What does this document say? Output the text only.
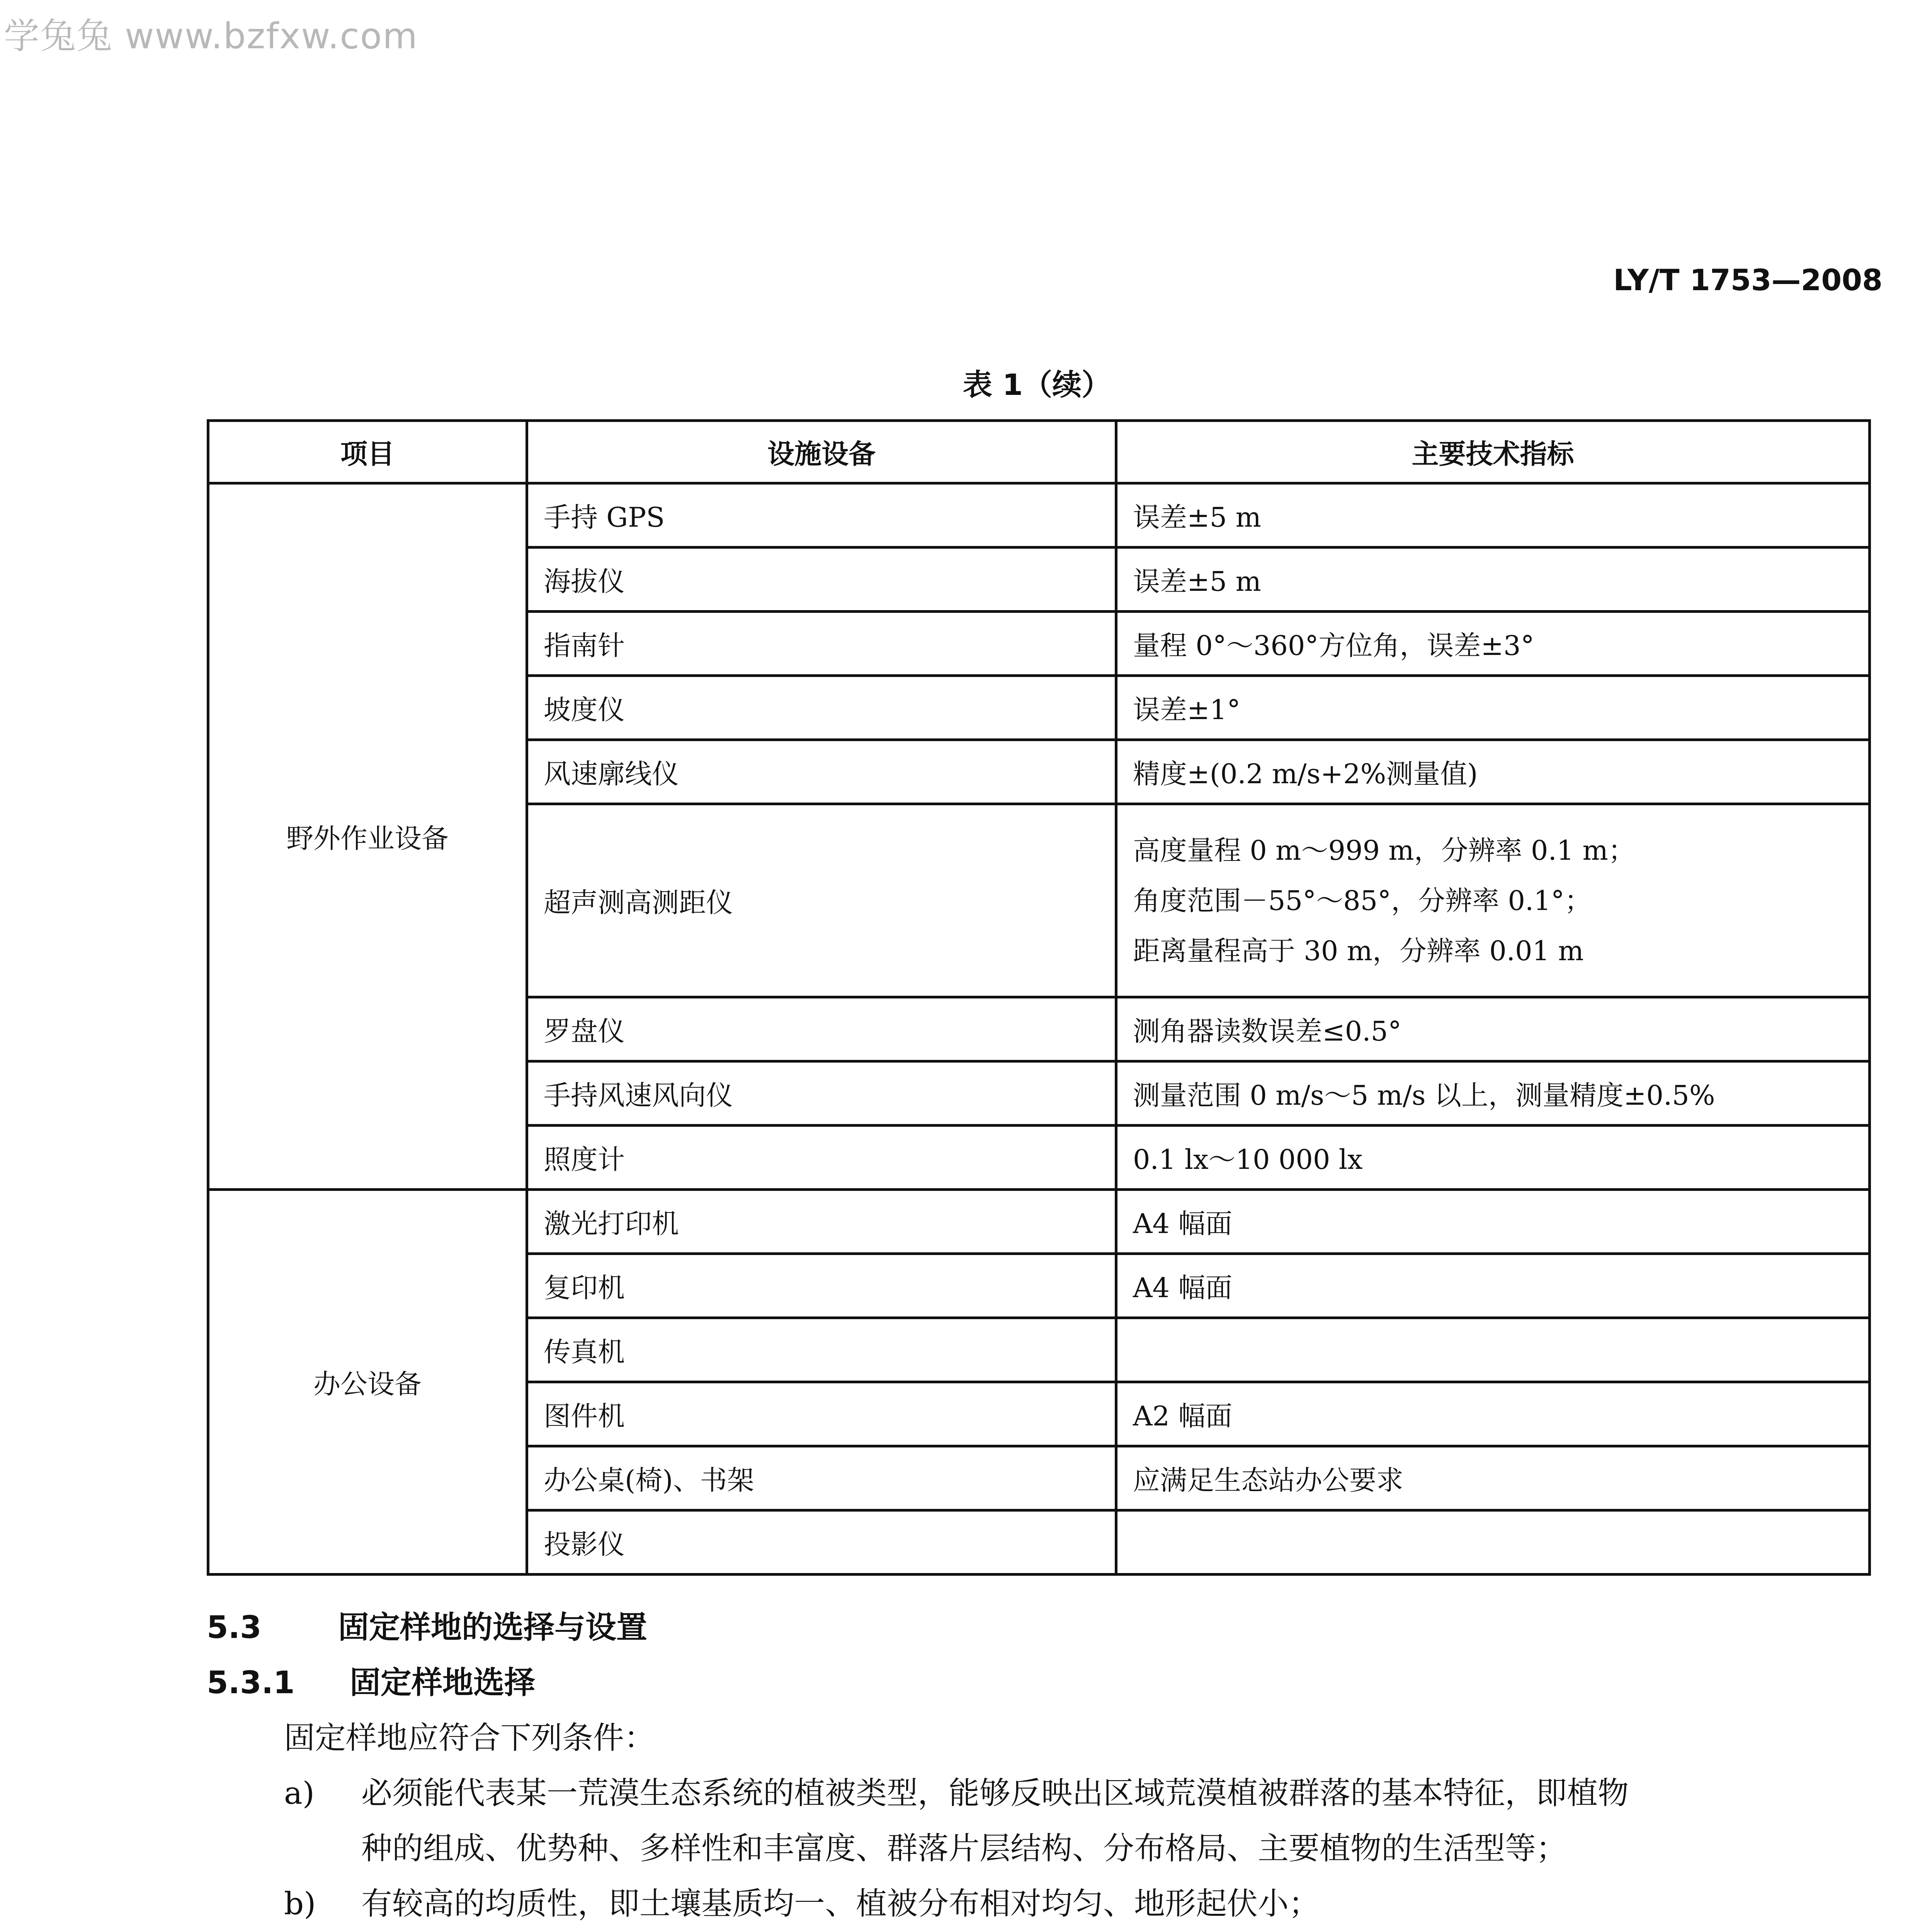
学兔兔 www.bzfxw.com
LY/T 1753—2008
表 1（续）
项目	设施设备	主要技术指标
野外作业设备	手持 GPS	误差±5 m
	海拔仪	误差±5 m
	指南针	量程 0°～360°方位角，误差±3°
	坡度仪	误差±1°
	风速廓线仪	精度±(0.2 m/s+2%测量值)
	超声测高测距仪	高度量程 0 m～999 m，分辨率 0.1 m；
角度范围－55°～85°，分辨率 0.1°；
距离量程高于 30 m，分辨率 0.01 m

	罗盘仪	测角器读数误差≤0.5°
	手持风速风向仪	测量范围 0 m/s～5 m/s 以上，测量精度±0.5%
	照度计	0.1 lx～10 000 lx
办公设备	激光打印机	A4 幅面
	复印机	A4 幅面
	传真机	
	图件机	A2 幅面
	办公桌(椅)、书架	应满足生态站办公要求
	投影仪	
5.3 固定样地的选择与设置
5.3.1 固定样地选择
固定样地应符合下列条件：
a) 必须能代表某一荒漠生态系统的植被类型，能够反映出区域荒漠植被群落的基本特征，即植物
种的组成、优势种、多样性和丰富度、群落片层结构、分布格局、主要植物的生活型等；
b) 有较高的均质性，即土壤基质均一、植被分布相对均匀、地形起伏小；
